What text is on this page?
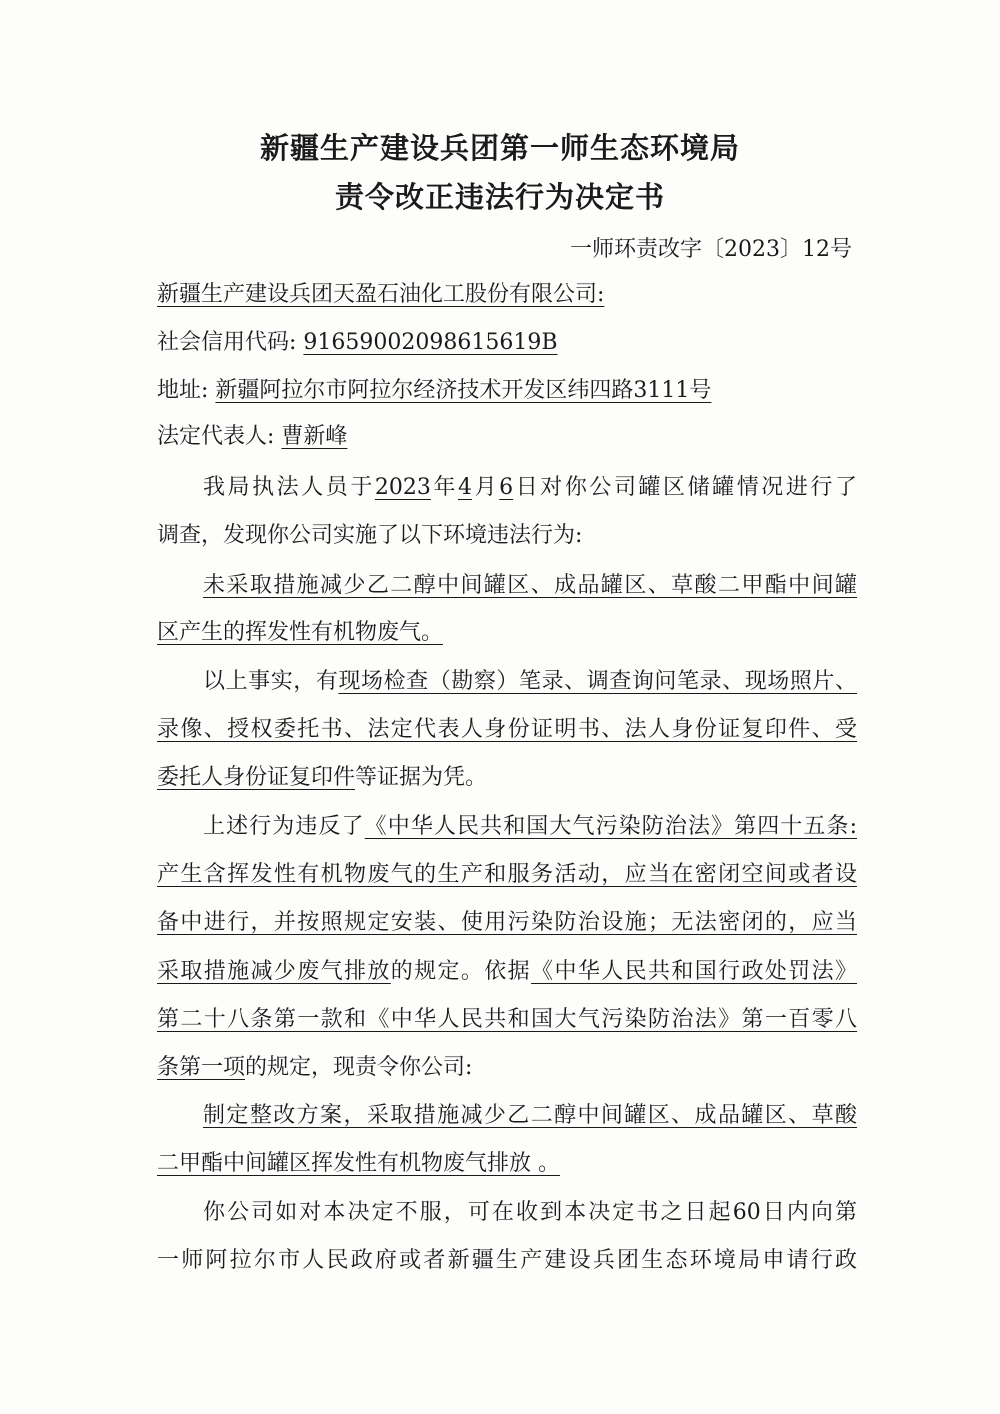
新疆生产建设兵团第一师生态环境局
责令改正违法行为决定书
一师环责改字〔2023〕12号
新疆生产建设兵团天盈石油化工股份有限公司:
社会信用代码: 91659002098615619B
地址: 新疆阿拉尔市阿拉尔经济技术开发区纬四路3111号
法定代表人: 曹新峰
我局执法人员于2023年4月6日对你公司罐区储罐情况进行了
调查，发现你公司实施了以下环境违法行为:
未采取措施减少乙二醇中间罐区、成品罐区、草酸二甲酯中间罐
区产生的挥发性有机物废气。
以上事实，有现场检查（勘察）笔录、调查询问笔录、现场照片、
录像、授权委托书、法定代表人身份证明书、法人身份证复印件、受
委托人身份证复印件等证据为凭。
上述行为违反了《中华人民共和国大气污染防治法》第四十五条:
产生含挥发性有机物废气的生产和服务活动，应当在密闭空间或者设
备中进行，并按照规定安装、使用污染防治设施；无法密闭的，应当
采取措施减少废气排放的规定。依据《中华人民共和国行政处罚法》
第二十八条第一款和《中华人民共和国大气污染防治法》第一百零八
条第一项的规定，现责令你公司:
制定整改方案，采取措施减少乙二醇中间罐区、成品罐区、草酸
二甲酯中间罐区挥发性有机物废气排放 。
你公司如对本决定不服，可在收到本决定书之日起60日内向第
一师阿拉尔市人民政府或者新疆生产建设兵团生态环境局申请行政
